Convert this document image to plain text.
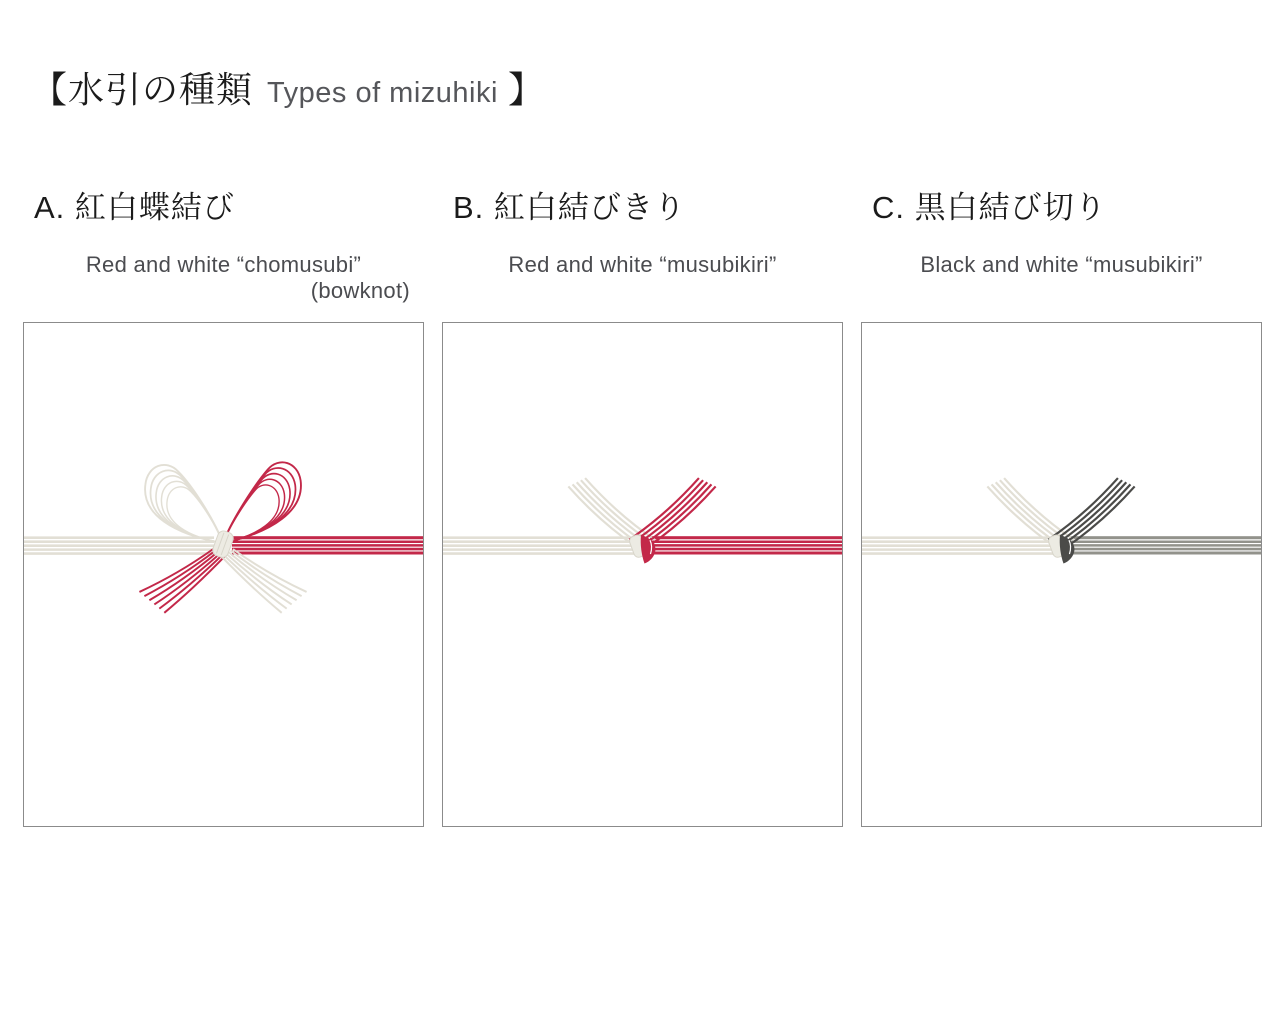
【水引の種類 Types of mizuhiki 】
A. 紅白蝶結び
Red and white “chomusubi”
(bowknot)
B. 紅白結びきり
Red and white “musubikiri”
C. 黒白結び切り
Black and white “musubikiri”
